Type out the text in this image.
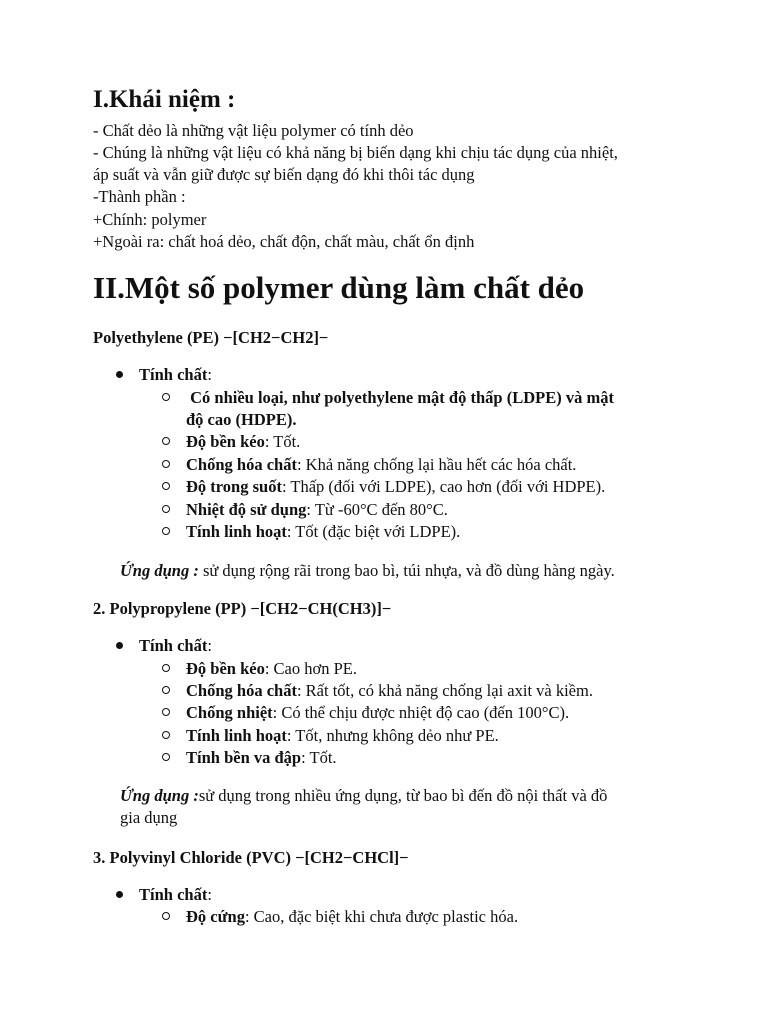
I.Khái niệm :
- Chất dẻo là những vật liệu polymer có tính dẻo
- Chúng là những vật liệu có khả năng bị biến dạng khi chịu tác dụng của nhiệt,
áp suất và vẫn giữ được sự biến dạng đó khi thôi tác dụng
-Thành phần :
+Chính: polymer
+Ngoài ra: chất hoá dẻo, chất độn, chất màu, chất ổn định
II.Một số polymer dùng làm chất dẻo
Polyethylene (PE) −[CH2−CH2]−
Tính chất:
Có nhiều loại, như polyethylene mật độ thấp (LDPE) và mật
độ cao (HDPE).
Độ bền kéo: Tốt.
Chống hóa chất: Khả năng chống lại hầu hết các hóa chất.
Độ trong suốt: Thấp (đối với LDPE), cao hơn (đối với HDPE).
Nhiệt độ sử dụng: Từ -60°C đến 80°C.
Tính linh hoạt: Tốt (đặc biệt với LDPE).
Ứng dụng : sử dụng rộng rãi trong bao bì, túi nhựa, và đồ dùng hàng ngày.
2. Polypropylene (PP) −[CH2−CH(CH3)]−
Tính chất:
Độ bền kéo: Cao hơn PE.
Chống hóa chất: Rất tốt, có khả năng chống lại axit và kiềm.
Chống nhiệt: Có thể chịu được nhiệt độ cao (đến 100°C).
Tính linh hoạt: Tốt, nhưng không dẻo như PE.
Tính bền va đập: Tốt.
Ứng dụng :sử dụng trong nhiều ứng dụng, từ bao bì đến đồ nội thất và đồ
gia dụng
3. Polyvinyl Chloride (PVC) −[CH2−CHCl]−
Tính chất:
Độ cứng: Cao, đặc biệt khi chưa được plastic hóa.
